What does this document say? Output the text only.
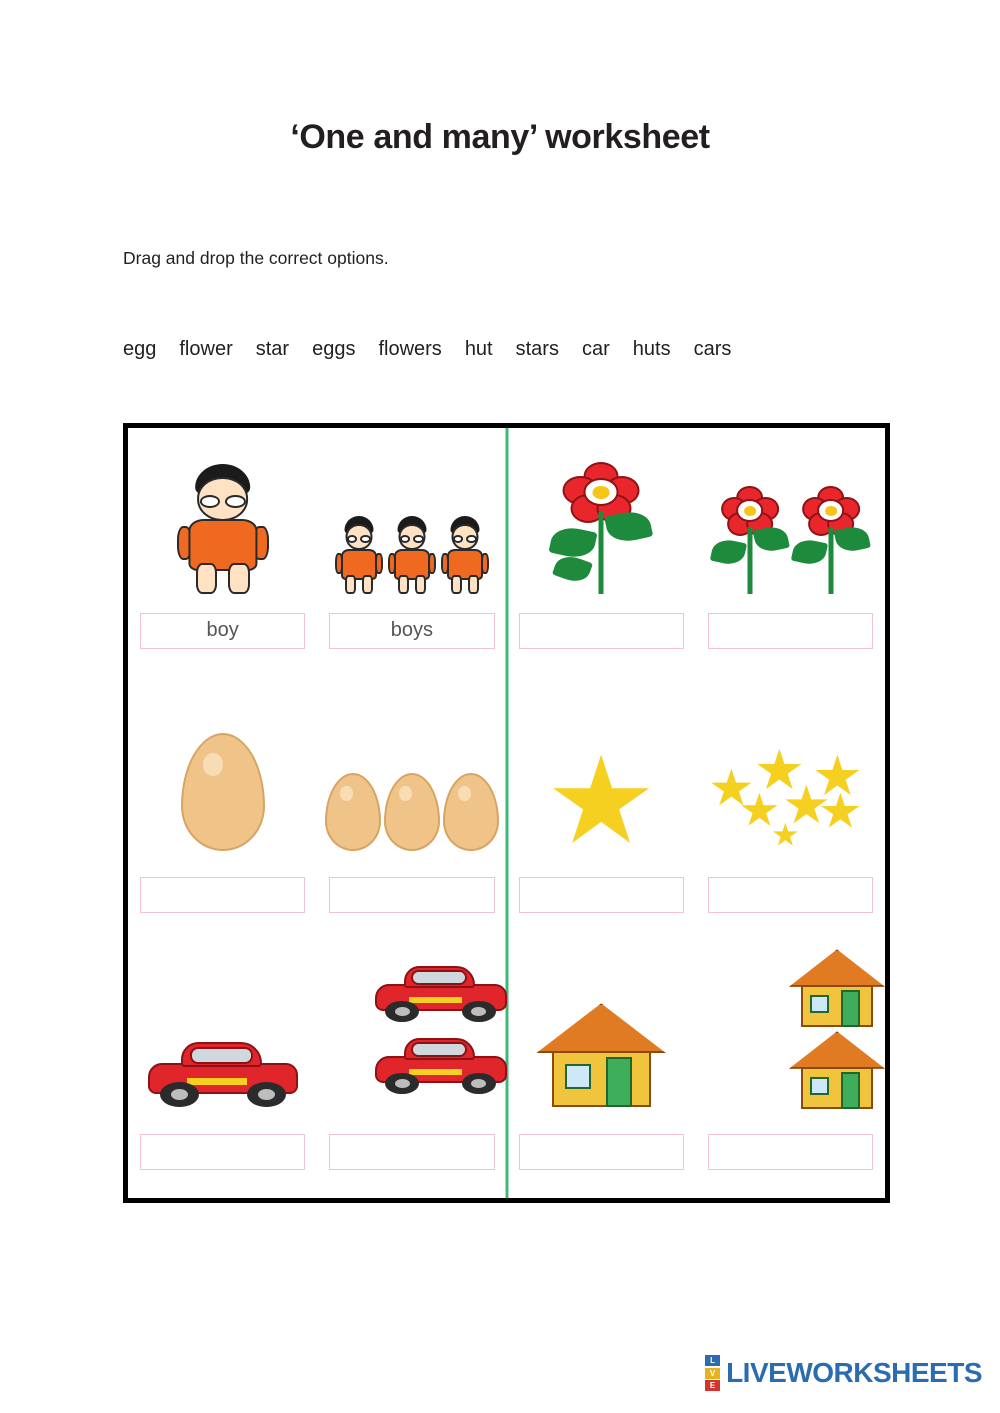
‘One and many’ worksheet
Drag and drop the correct options.
egg flower star eggs flowers hut stars car huts cars
boy	boys
L
V
E LIVEWORKSHEETS
